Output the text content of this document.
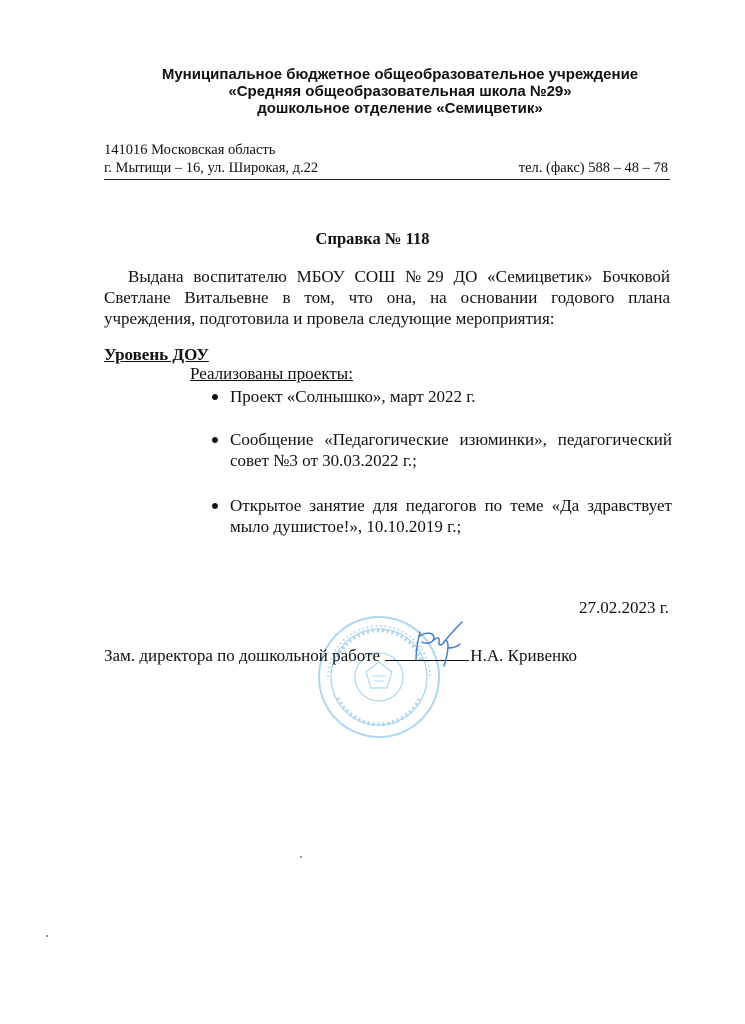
Муниципальное бюджетное общеобразовательное учреждение
«Средняя общеобразовательная школа №29»
дошкольное отделение «Семицветик»
141016 Московская область
г. Мытищи – 16, ул. Широкая, д.22	тел. (факс) 588 – 48 – 78
Справка № 118

Выдана воспитателю МБОУ СОШ №29 ДО «Семицветик» Бочковой Светлане Витальевне в том, что она, на основании годового плана учреждения, подготовила и провела следующие мероприятия:

Уровень ДОУ
Реализованы проекты:
Проект «Солнышко», март 2022 г.
Сообщение «Педагогические изюминки», педагогический совет №3 от 30.03.2022 г.;
Открытое занятие для педагогов по теме «Да здравствует мыло душистое!», 10.10.2019 г.;
27.02.2023 г.
Зам. директора по дошкольной работе	Н.А. Кривенко
